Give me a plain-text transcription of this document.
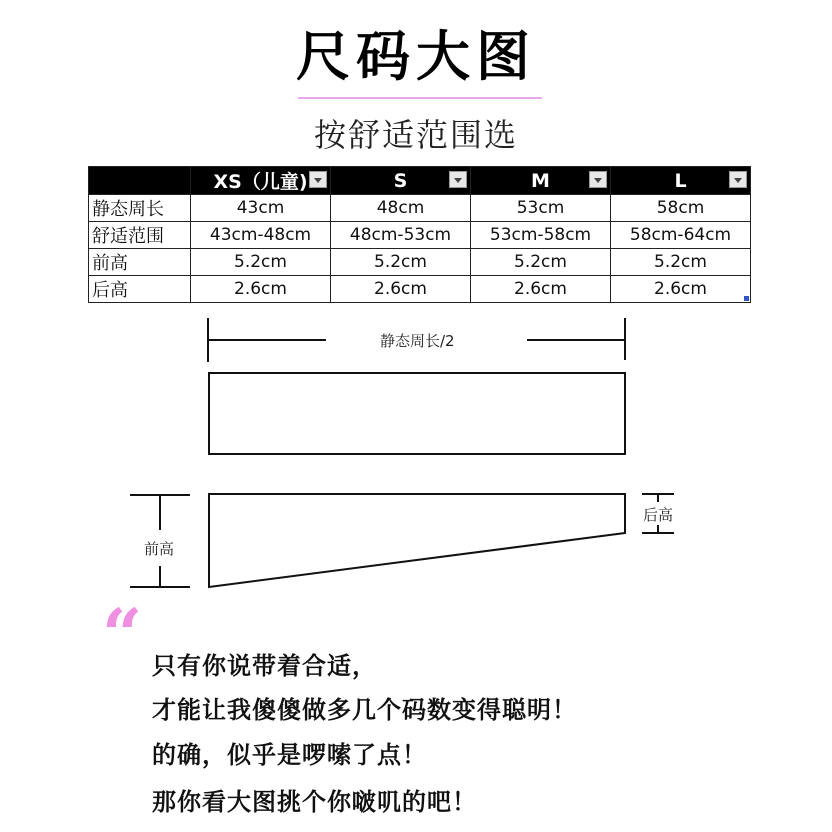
尺码大图
按舒适范围选
	XS（儿童)	S	M	L

静态周长	43cm	48cm	53cm	58cm
舒适范围	43cm-48cm	48cm-53cm	53cm-58cm	58cm-64cm
前高	5.2cm	5.2cm	5.2cm	5.2cm
后高	2.6cm	2.6cm	2.6cm	2.6cm
静态周长/2
前高
后高
“ 只有你说带着合适，
才能让我傻傻做多几个码数变得聪明！
的确，似乎是啰嗦了点！
那你看大图挑个你啵叽的吧！
